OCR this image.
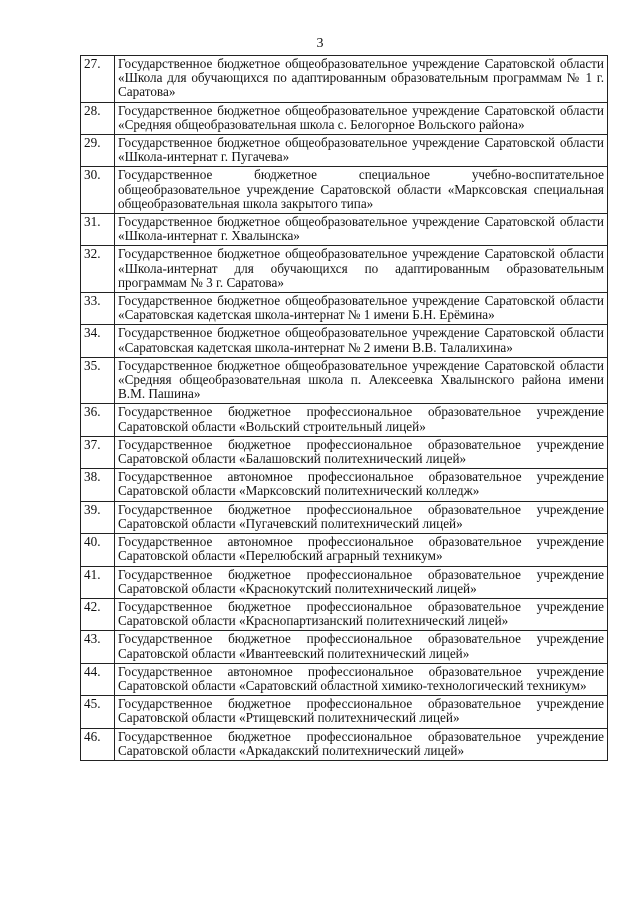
3
27.	Государственное бюджетное общеобразовательное учреждение Саратовской области «Школа для обучающихся по адаптированным образовательным программам № 1 г. Саратова»
28.	Государственное бюджетное общеобразовательное учреждение Саратовской области «Средняя общеобразовательная школа с. Белогорное Вольского района»
29.	Государственное бюджетное общеобразовательное учреждение Саратовской области «Школа-интернат г. Пугачева»
30.	Государственное бюджетное специальное учебно-воспитательное общеобразовательное учреждение Саратовской области «Марксовская специальная общеобразовательная школа закрытого типа»
31.	Государственное бюджетное общеобразовательное учреждение Саратовской области «Школа-интернат г. Хвалынска»
32.	Государственное бюджетное общеобразовательное учреждение Саратовской области «Школа-интернат для обучающихся по адаптированным образовательным программам № 3 г. Саратова»
33.	Государственное бюджетное общеобразовательное учреждение Саратовской области «Саратовская кадетская школа-интернат № 1 имени Б.Н. Ерёмина»
34.	Государственное бюджетное общеобразовательное учреждение Саратовской области «Саратовская кадетская школа-интернат № 2 имени В.В. Талалихина»
35.	Государственное бюджетное общеобразовательное учреждение Саратовской области «Средняя общеобразовательная школа п. Алексеевка Хвалынского района имени В.М. Пашина»
36.	Государственное бюджетное профессиональное образовательное учреждение Саратовской области «Вольский строительный лицей»
37.	Государственное бюджетное профессиональное образовательное учреждение Саратовской области «Балашовский политехнический лицей»
38.	Государственное автономное профессиональное образовательное учреждение Саратовской области «Марксовский политехнический колледж»
39.	Государственное бюджетное профессиональное образовательное учреждение Саратовской области «Пугачевский политехнический лицей»
40.	Государственное автономное профессиональное образовательное учреждение Саратовской области «Перелюбский аграрный техникум»
41.	Государственное бюджетное профессиональное образовательное учреждение Саратовской области «Краснокутский политехнический лицей»
42.	Государственное бюджетное профессиональное образовательное учреждение Саратовской области «Краснопартизанский политехнический лицей»
43.	Государственное бюджетное профессиональное образовательное учреждение Саратовской области «Ивантеевский политехнический лицей»
44.	Государственное автономное профессиональное образовательное учреждение Саратовской области «Саратовский областной химико-технологический техникум»
45.	Государственное бюджетное профессиональное образовательное учреждение Саратовской области «Ртищевский политехнический лицей»
46.	Государственное бюджетное профессиональное образовательное учреждение Саратовской области «Аркадакский политехнический лицей»
